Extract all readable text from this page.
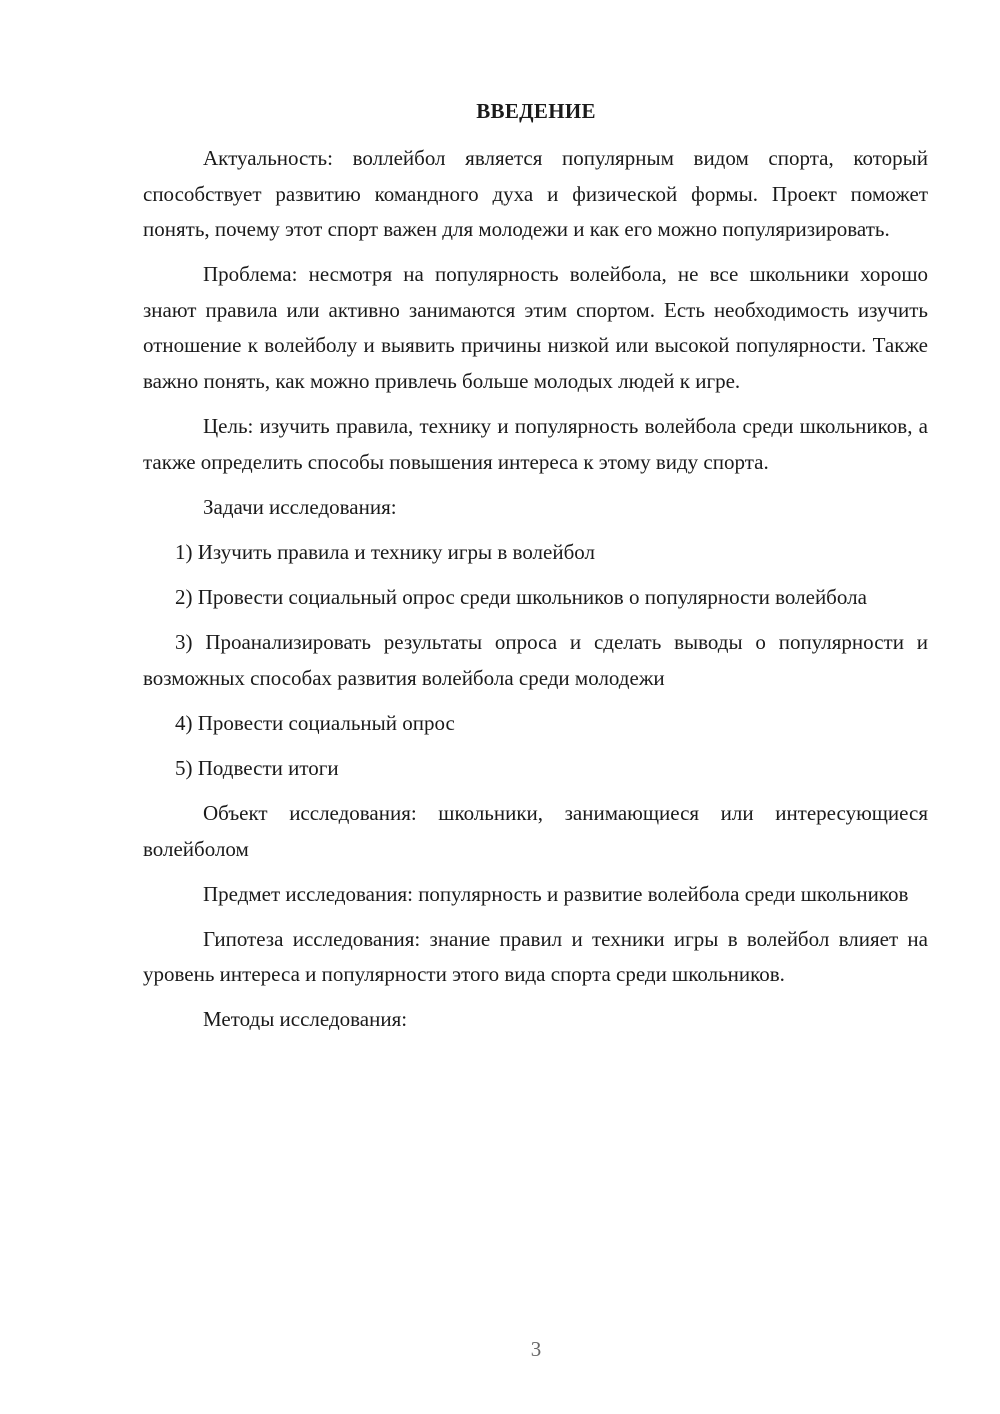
ВВЕДЕНИЕ

Актуальность: воллейбол является популярным видом спорта, который способствует развитию командного духа и физической формы. Проект поможет понять, почему этот спорт важен для молодежи и как его можно популяризировать.

Проблема: несмотря на популярность волейбола, не все школьники хорошо знают правила или активно занимаются этим спортом. Есть необходимость изучить отношение к волейболу и выявить причины низкой или высокой популярности. Также важно понять, как можно привлечь больше молодых людей к игре.

Цель: изучить правила, технику и популярность волейбола среди школьников, а также определить способы повышения интереса к этому виду спорта.

Задачи исследования:

1) Изучить правила и технику игры в волейбол

2) Провести социальный опрос среди школьников о популярности волейбола

3) Проанализировать результаты опроса и сделать выводы о популярности и возможных способах развития волейбола среди молодежи

4) Провести социальный опрос

5) Подвести итоги

Объект исследования: школьники, занимающиеся или интересующиеся волейболом

Предмет исследования: популярность и развитие волейбола среди школьников

Гипотеза исследования: знание правил и техники игры в волейбол влияет на уровень интереса и популярности этого вида спорта среди школьников.

Методы исследования:

3
